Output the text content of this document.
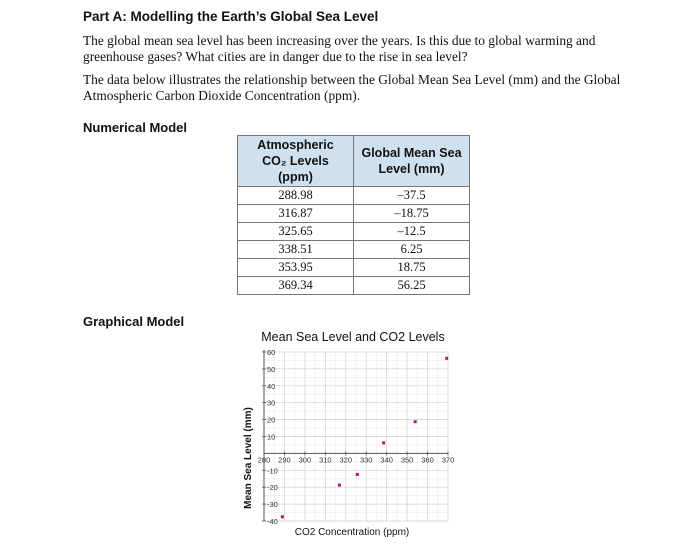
Part A: Modelling the Earth’s Global Sea Level
The global mean sea level has been increasing over the years. Is this due to global warming and greenhouse gases? What cities are in danger due to the rise in sea level?
The data below illustrates the relationship between the Global Mean Sea Level (mm) and the Global Atmospheric Carbon Dioxide Concentration (ppm).
Numerical Model
Atmospheric CO₂ Levels (ppm)	Global Mean Sea Level (mm)
288.98	–37.5
316.87	–18.75
325.65	–12.5
338.51	6.25
353.95	18.75
369.34	56.25
Graphical Model
Mean Sea Level and CO2 Levels
280 290 300 310 320 330 340 350 360 370
60
50
40
30
20
10
-10
-20
-30
-40
Mean Sea Level (mm)
CO2 Concentration (ppm)
